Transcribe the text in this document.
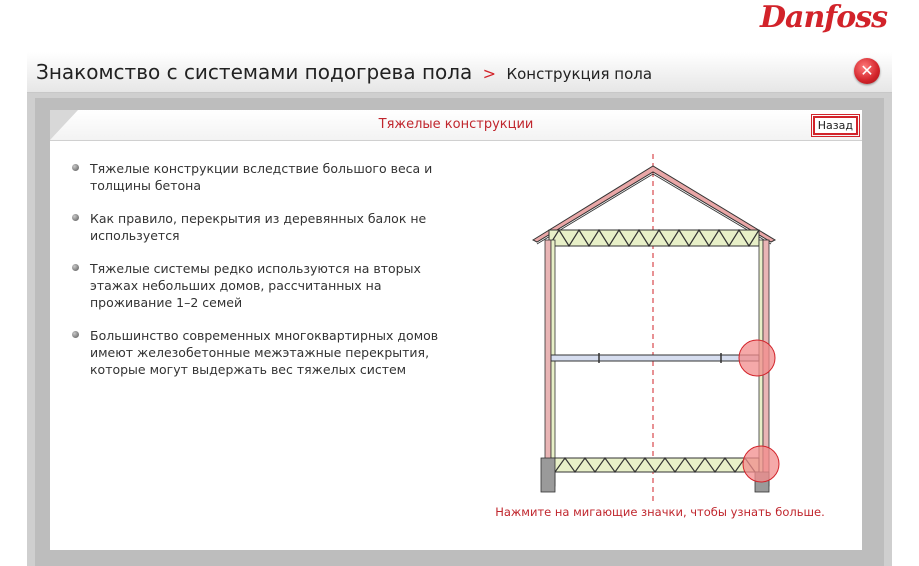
Danfoss
Знакомство с системами подогрева пола > Конструкция пола	✕
Тяжелые конструкции	Назад
Тяжелые конструкции вследствие большого веса и толщины бетона
Как правило, перекрытия из деревянных балок не используется
Тяжелые системы редко используются на вторых этажах небольших домов, рассчитанных на проживание 1–2 семей
Большинство современных многоквартирных домов имеют железобетонные межэтажные перекрытия, которые могут выдержать вес тяжелых систем
Нажмите на мигающие значки, чтобы узнать больше.
